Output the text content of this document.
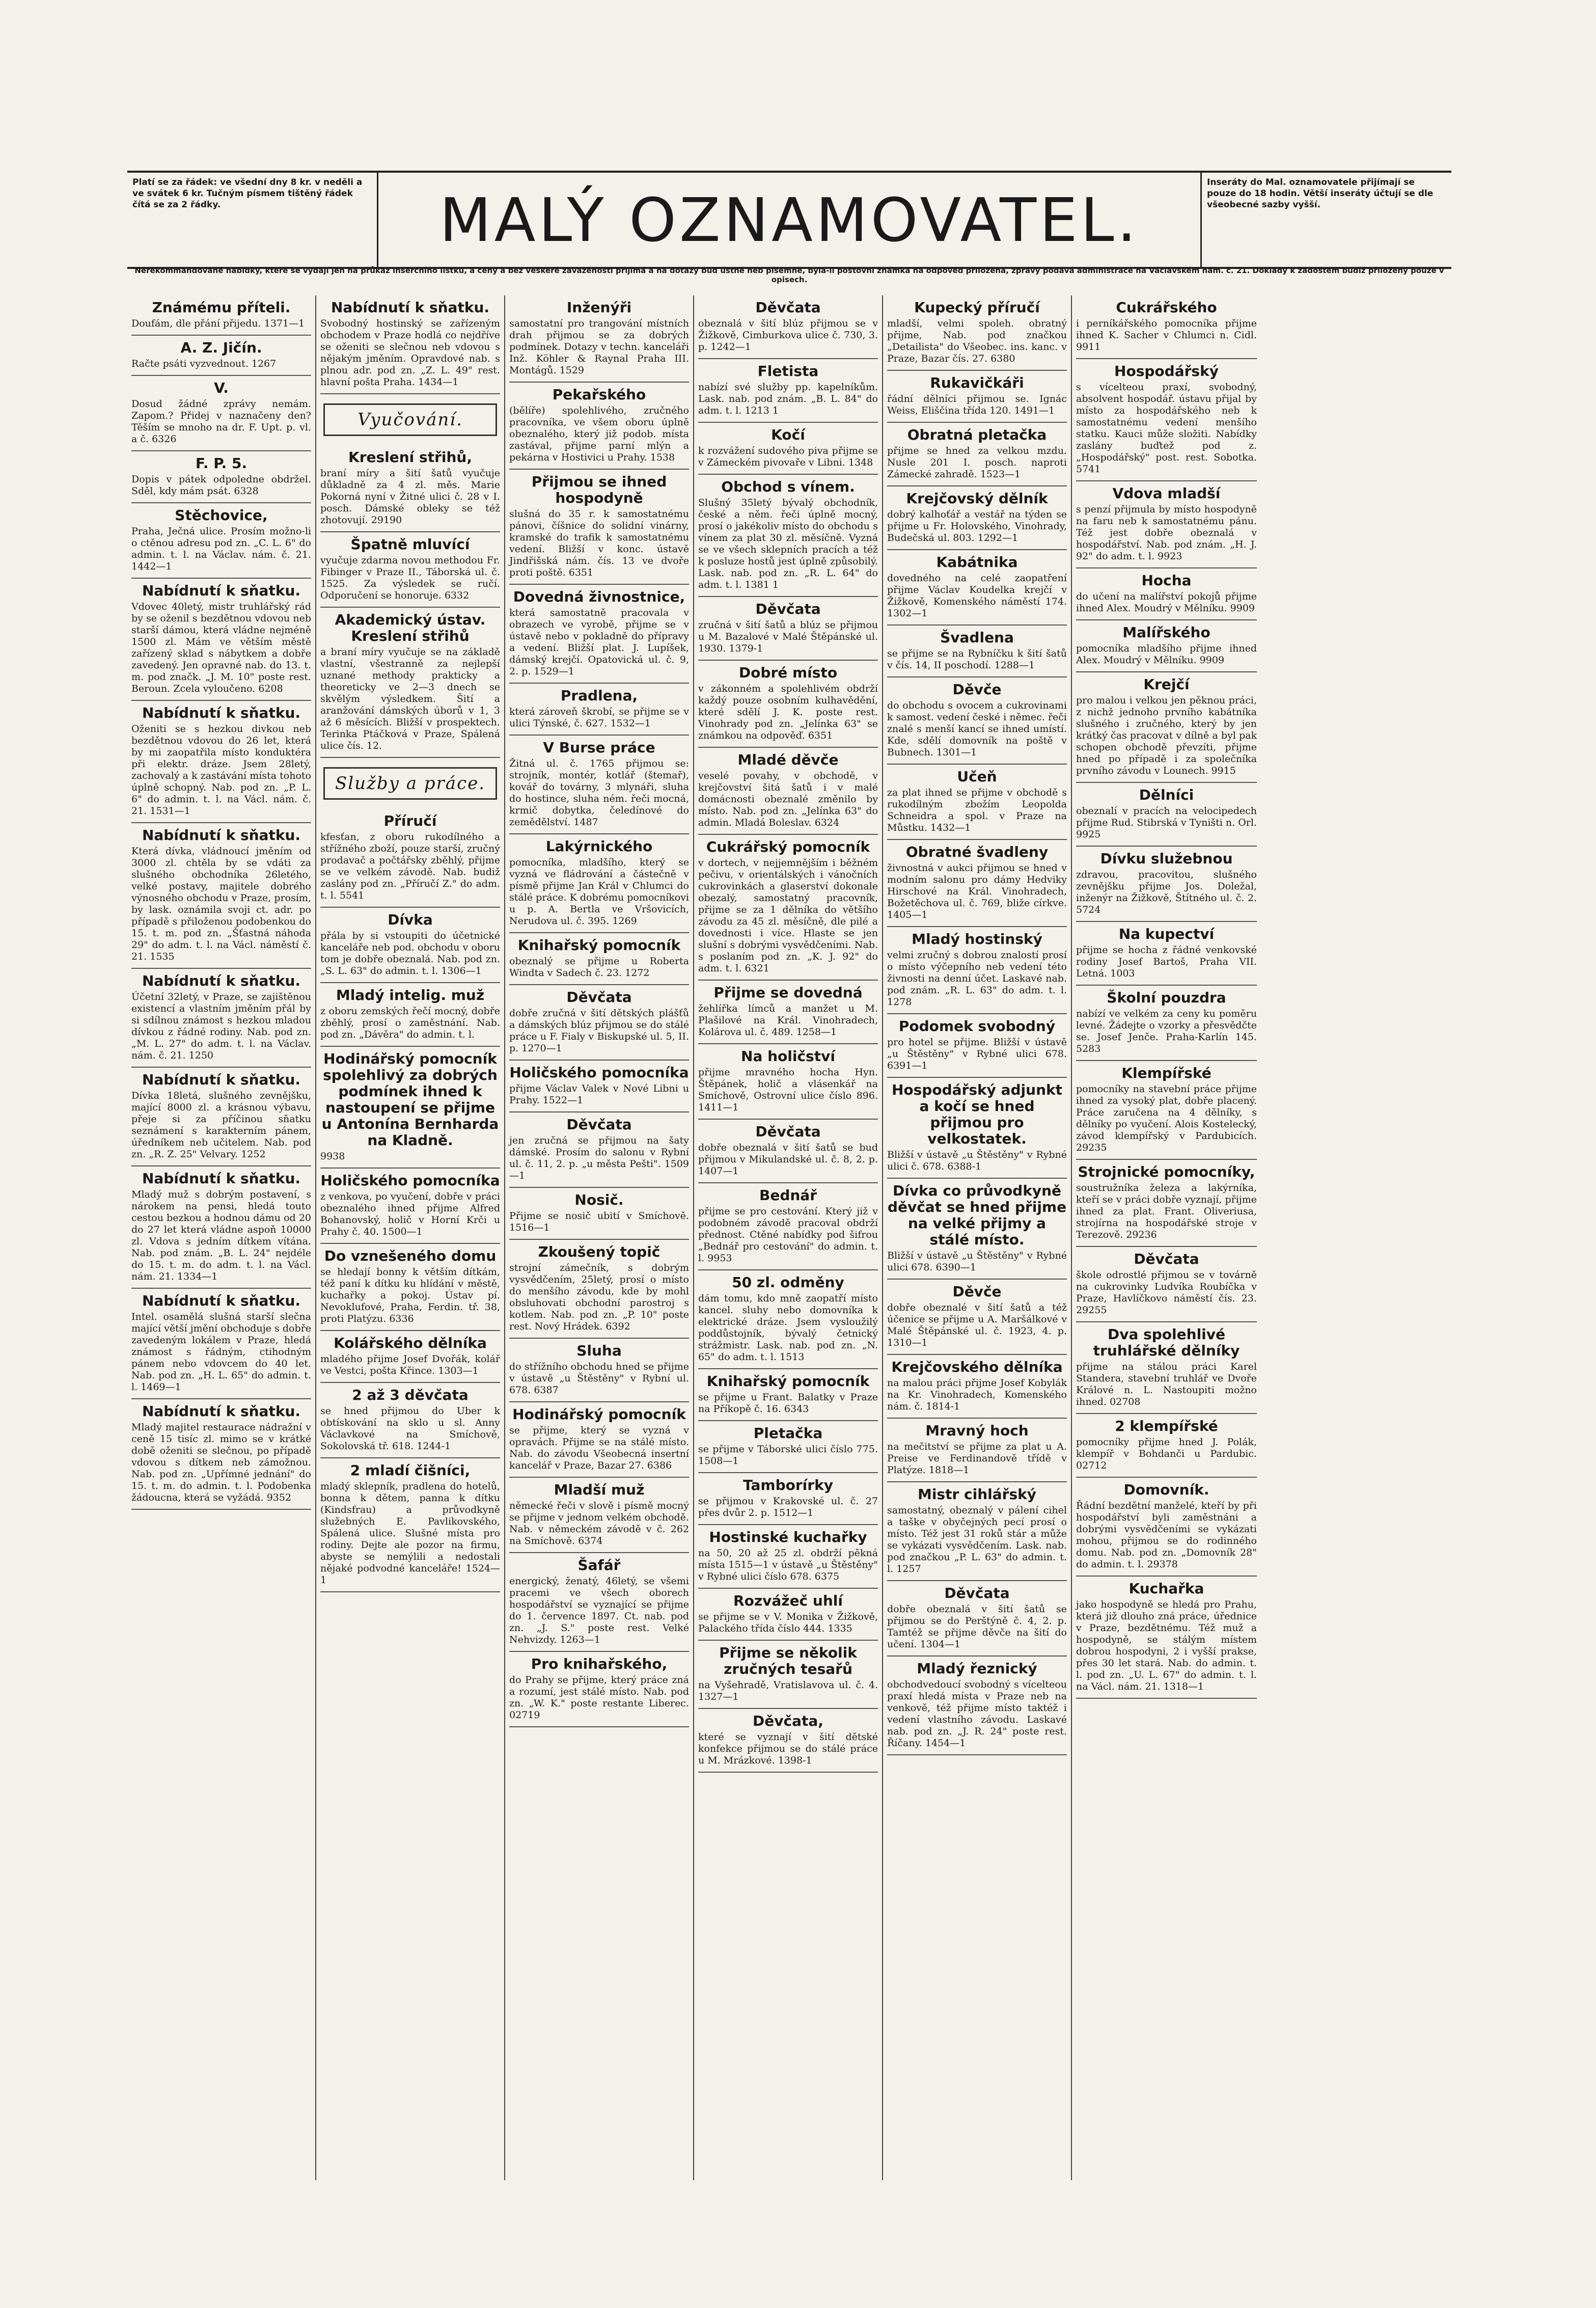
Platí se za řádek: ve všední dny 8 kr. v neděli a ve svátek 6 kr. Tučným písmem tištěný řádek čítá se za 2 řádky.	MALÝ OZNAMOVATEL.
Inseráty do Mal. oznamovatele přijímají se pouze do 18 hodin. Větší inseráty účtují se dle všeobecné sazby vyšší.
Nerekommandované nabídky, které se vydají jen na průkaz inserčního lístku, a ceny a bez veškeré zavazenosti přijímá a na dotazy buď ústně neb písemně, byla-li poštovní známka na odpověď přiložena, zprávy podává administrace na Václavském nám. č. 21. Doklady k žádostem budiž přiloženy pouze v opisech.
Známému příteli.

Doufám, dle přání přijedu. 1371—1

A. Z. Jičín.

Račte psáti vyzvednout. 1267

V.

Dosud žádné zprávy nemám. Zapom.? Přidej v naznačeny den? Těším se mnoho na dr. F. Upt. p. vl. a č. 6326

F. P. 5.

Dopis v pátek odpoledne obdržel. Sděl, kdy mám psát. 6328

Stěchovice,

Praha, Ječná ulice. Prosím možno-li o ctěnou adresu pod zn. „C. L. 6" do admin. t. l. na Václav. nám. č. 21. 1442—1

Nabídnutí k sňatku.

Vdovec 40letý, mistr truhlářský rád by se oženil s bezdětnou vdovou neb starší dámou, která vládne nejméně 1500 zl. Mám ve větším městě zařízený sklad s nábytkem a dobře zavedený. Jen opravné nab. do 13. t. m. pod značk. „J. M. 10" poste rest. Beroun. Zcela vyloučeno. 6208

Nabídnutí k sňatku.

Oženiti se s hezkou divkou neb bezdětnou vdovou do 26 let, která by mi zaopatřila místo konduktéra při elektr. dráze. Jsem 28letý, zachovalý a k zastávání místa tohoto úplně schopný. Nab. pod zn. „P. L. 6" do admin. t. l. na Václ. nám. č. 21. 1531—1

Nabídnutí k sňatku.

Která dívka, vládnoucí jměním od 3000 zl. chtěla by se vdáti za slušného obchodníka 26letého, velké postavy, majitele dobrého výnosného obchodu v Praze, prosím, by lask. oznámila svoji ct. adr. po případě s přiloženou podobenkou do 15. t. m. pod zn. „Šťastná náhoda 29" do adm. t. l. na Václ. náměstí č. 21. 1535

Nabídnutí k sňatku.

Účetní 32letý, v Praze, se zajištěnou existencí a vlastním jměním přál by si sdílnou známost s hezkou mladou dívkou z řádné rodiny. Nab. pod zn. „M. L. 27" do adm. t. l. na Václav. nám. č. 21. 1250

Nabídnutí k sňatku.

Dívka 18letá, slušného zevnějšku, mající 8000 zl. a krásnou výbavu, přeje si za příčinou sňatku seznámení s karakterním pánem, úředníkem neb učitelem. Nab. pod zn. „R. Z. 25" Velvary. 1252

Nabídnutí k sňatku.

Mladý muž s dobrým postavení, s nárokem na pensi, hledá touto cestou bezkou a hodnou dámu od 20 do 27 let která vládne aspoň 10000 zl. Vdova s jedním dítkem vítána. Nab. pod znám. „B. L. 24" nejdéle do 15. t. m. do adm. t. l. na Václ. nám. 21. 1334—1

Nabídnutí k sňatku.

Intel. osamělá slušná starší slečna mající větší jmění obchoduje s dobře zavedeným lokálem v Praze, hledá známost s řádným, ctihodným pánem nebo vdovcem do 40 let. Nab. pod zn. „H. L. 65" do admin. t. l. 1469—1

Nabídnutí k sňatku.

Mladý majitel restaurace nádražní v ceně 15 tisíc zl. mimo se v krátké době oženiti se slečnou, po případě vdovou s dítkem neb zámožnou. Nab. pod zn. „Upřímné jednání" do 15. t. m. do admin. t. l. Podobenka žádoucna, která se vyžádá. 9352

Nabídnutí k sňatku.

Svobodný hostinský se zařízeným obchodem v Praze hodlá co nejdříve se oženiti se slečnou neb vdovou s nějakým jměním. Opravdové nab. s plnou adr. pod zn. „Z. L. 49" rest. hlavní pošta Praha. 1434—1

Vyučování.
Kreslení střihů,

braní míry a šití šatů vyučuje důkladně za 4 zl. měs. Marie Pokorná nyní v Žitné ulici č. 28 v I. posch. Dámské obleky se též zhotovují. 29190

Špatně mluvící

vyučuje zdarma novou methodou Fr. Fibinger v Praze II., Táborská ul. č. 1525. Za výsledek se ručí. Odporučení se honoruje. 6332

Akademický ústav. Kreslení střihů

a braní míry vyučuje se na základě vlastní, všestranně za nejlepší uznané methody prakticky a theoreticky ve 2—3 dnech se skvělým výsledkem. Šití a aranžování dámských úborů v 1, 3 až 6 měsících. Bližší v prospektech. Terinka Ptáčková v Praze, Spálená ulice čís. 12.

Služby a práce.
Příručí

kfesťan, z oboru rukodílného a střížného zboží, pouze starší, zručný prodavač a počtářsky zběhlý, přijme se ve velkém závodě. Nab. budiž zaslány pod zn. „Příručí Z." do adm. t. l. 5541

Dívka

přála by si vstoupiti do účetnické kanceláře neb pod. obchodu v oboru tom je dobře obeznalá. Nab. pod zn. „S. L. 63" do admin. t. l. 1306—1

Mladý intelig. muž

z oboru zemských řečí mocný, dobře zběhlý, prosí o zaměstnání. Nab. pod zn. „Dávěra" do admin. t. l.

Hodinářský pomocník spolehlivý za dobrých podmínek ihned k nastoupení se přijme u Antonína Bernharda na Kladně.

9938

Holičského pomocníka

z venkova, po vyučení, dobře v práci obeznalého ihned přijme Alfred Bohanovský, holič v Horní Krči u Prahy č. 40. 1500—1

Do vznešeného domu

se hledají bonny k větším dítkám, též paní k dítku ku hlídání v městě, kuchařky a pokoj. Ústav pí. Nevoklufové, Praha, Ferdin. tř. 38, proti Platýzu. 6336

Kolářského dělníka

mladého přijme Josef Dvořák, kolář ve Vestci, pošta Křince. 1303—1

2 až 3 děvčata

se hned přijmou do Uber k obtískování na sklo u sl. Anny Václavkové na Smíchově, Sokolovská tř. 618. 1244-1

2 mladí čišníci,

mladý sklepník, pradlena do hotelů, bonna k dětem, panna k dítku (Kindsfrau) a průvodkyně služebných E. Pavlikovského, Spálená ulice. Slušné místa pro rodiny. Dejte ale pozor na firmu, abyste se nemýlili a nedostali nějaké podvodné kanceláře! 1524—1

Inženýři

samostatní pro trangování místních drah přijmou se za dobrých podmínek. Dotazy v techn. kanceláři Inž. Köhler & Raynal Praha III. Montágů. 1529

Pekařského

(bělíře) spolehlivého, zručného pracovníka, ve všem oboru úplně obeznalého, který již podob. místa zastával, přijme parní mlýn a pekárna v Hostivici u Prahy. 1538

Přijmou se ihned hospodyně

slušná do 35 r. k samostatnému pánovi, číšnice do solidní vinárny, kramské do trafik k samostatnému vedení. Bližší v konc. ústavě Jindřišská nám. čís. 13 ve dvoře proti poště. 6351

Dovedná živnostnice,

která samostatně pracovala v obrazech ve vyrobě, přijme se v ústavě nebo v pokladně do přípravy a vedení. Bližší plat. J. Lupíšek, dámský krejčí. Opatovická ul. č. 9, 2. p. 1529—1

Pradlena,

která zároveň škrobí, se přijme se v ulici Týnské, č. 627. 1532—1

V Burse práce

Žitná ul. č. 1765 přijmou se: strojník, montér, kotlář (štemař), kovář do továrny, 3 mlynáři, sluha do hostince, sluha ném. řeči mocná, krmič dobytka, čeledínové do zemědělství. 1487

Lakýrnického

pomocníka, mladšího, který se vyzná ve fládrování a částečně v písmě přijme Jan Král v Chlumci do stálé práce. K dobrému pomocníkovi u p. A. Bertla ve Vršovicích, Nerudova ul. č. 395. 1269

Knihařský pomocník

obeznalý se přijme u Roberta Windta v Sadech č. 23. 1272

Děvčata

dobře zručná v šití dětských plášťů a dámských blúz přijmou se do stálé práce u F. Fialy v Biskupské ul. 5, II. p. 1270—1

Holičského pomocníka

přijme Václav Valek v Nové Libni u Prahy. 1522—1

Děvčata

jen zručná se přijmou na šaty dámské. Prosím do salonu v Rybní ul. č. 11, 2. p. „u města Pešti". 1509—1

Nosič.

Přijme se nosič ubití v Smíchově. 1516—1

Zkoušený topič

strojní zámečník, s dobrým vysvědčením, 25letý, prosí o místo do menšího závodu, kde by mohl obsluhovati obchodní parostroj s kotlem. Nab. pod zn. „P. 10" poste rest. Nový Hrádek. 6392

Sluha

do střížního obchodu hned se přijme v ústavě „u Štěstěny" v Rybní ul. 678. 6387

Hodinářský pomocník

se přijme, který se vyzná v opravách. Přijme se na stálé místo. Nab. do závodu Všeobecná insertní kancelář v Praze, Bazar 27. 6386

Mladší muž

německé řeči v slově i písmě mocný se přijme v jednom velkém obchodě. Nab. v německém závodě v č. 262 na Smíchově. 6374

Šafář

energický, ženatý, 46letý, se všemi pracemi ve všech oborech hospodářství se vyznající se přijme do 1. července 1897. Ct. nab. pod zn. „J. S." poste rest. Velké Nehvizdy. 1263—1

Pro knihařského,

do Prahy se přijme, který práce zná a rozumí, jest stálé místo. Nab. pod zn. „W. K." poste restante Liberec. 02719

Děvčata

obeznalá v šití blúz přijmou se v Žižkově, Cimburkova ulice č. 730, 3. p. 1242—1

Fletista

nabízí své služby pp. kapelníkům. Lask. nab. pod znám. „B. L. 84" do adm. t. l. 1213 1

Kočí

k rozvážení sudového piva přijme se v Zámeckém pivovaře v Libni. 1348

Obchod s vínem.

Slušný 35letý bývalý obchodník, české a něm. řeči úplně mocný, prosí o jakékoliv místo do obchodu s vínem za plat 30 zl. měsíčně. Vyzná se ve všech sklepních pracích a též k posluze hostů jest úplně způsobilý. Lask. nab. pod zn. „R. L. 64" do adm. t. l. 1381 1

Děvčata

zručná v šití šatů a blúz se přijmou u M. Bazalové v Malé Štěpánské ul. 1930. 1379-1

Dobré místo

v zákonném a spolehlivém obdrží každý pouze osobním kulhavědění, které sdělí J. K. poste rest. Vinohrady pod zn. „Jelínka 63" se známkou na odpověď. 6351

Mladé děvče

veselé povahy, v obchodě, v krejčovství šitá šatů i v malé domácnosti obeznalé změnilo by místo. Nab. pod zn. „Jelínka 63" do admin. Mladá Boleslav. 6324

Cukrářský pomocník

v dortech, v nejjemnějším i běžném pečivu, v orientálských i vánočních cukrovinkách a glaserství dokonale obezalý, samostatný pracovník, přijme se za 1 dělníka do většího závodu za 45 zl. měsíčně, dle pilé a dovednosti i více. Hlaste se jen slušní s dobrými vysvědčeními. Nab. s poslaním pod zn. „K. J. 92" do adm. t. l. 6321

Přijme se dovedná

žehlířka límců a manžet u M. Plašilové na Král. Vinohradech, Kolárova ul. č. 489. 1258—1

Na holičství

přijme mravného hocha Hyn. Štěpánek, holič a vlásenkář na Smíchově, Ostrovní ulice číslo 896. 1411—1

Děvčata

dobře obeznalá v šití šatů se bud přijmou v Mikulandské ul. č. 8, 2. p. 1407—1

Bednář

přijme se pro cestování. Který již v podobném závodě pracoval obdrží přednost. Ctěné nabídky pod šifrou „Bednář pro cestování" do admin. t. l. 9953

50 zl. odměny

dám tomu, kdo mně zaopatří místo kancel. sluhy nebo domovníka k elektrické dráze. Jsem vysloužilý poddůstojník, bývalý četnický strážmistr. Lask. nab. pod zn. „N. 65" do adm. t. l. 1513

Knihařský pomocník

se přijme u Frant. Balatky v Praze na Příkopě č. 16. 6343

Pletačka

se přijme v Táborské ulici číslo 775. 1508—1

Tamborírky

se přijmou v Krakovské ul. č. 27 přes dvůr 2. p. 1512—1

Hostinské kuchařky

na 50, 20 až 25 zl. obdrží pěkná místa 1515—1 v ústavě „u Štěstěny" v Rybné ulici číslo 678. 6375

Rozvážeč uhlí

se přijme se v V. Monika v Žižkově, Palackého třída číslo 444. 1335

Přijme se několik zručných tesařů

na Vyšehradě, Vratislavova ul. č. 4. 1327—1

Děvčata,

které se vyznají v šití dětské konfekce přijmou se do stálé práce u M. Mrázkové. 1398-1

Kupecký příručí

mladší, velmi spoleh. obratný přijme, Nab. pod značkou „Detailista" do Všeobec. ins. kanc. v Praze, Bazar čís. 27. 6380

Rukavičkáři

řádní dělníci přijmou se. Ignác Weiss, Eliščina třída 120. 1491—1

Obratná pletačka

přijme se hned za velkou mzdu. Nusle 201 I. posch. naproti Zámecké zahradě. 1523—1

Krejčovský dělník

dobrý kalhoťář a vestář na týden se přijme u Fr. Holovského, Vinohrady, Budečská ul. 803. 1292—1

Kabátnika

dovedného na celé zaopatření přijme Václav Koudelka krejčí v Žižkově, Komenského náměstí 174. 1302—1

Švadlena

se přijme se na Rybníčku k šití šatů v čís. 14, II poschodí. 1288—1

Děvče

do obchodu s ovocem a cukrovinami k samost. vedení české i němec. řeči znalé s menší kancí se ihned umístí. Kde, sdělí domovník na poště v Bubnech. 1301—1

Učeň

za plat ihned se přijme v obchodě s rukodílným zbožím Leopolda Schneidra a spol. v Praze na Můstku. 1432—1

Obratné švadleny

živnostná v aukci přijmou se hned v modním salonu pro dámy Hedviky Hirschové na Král. Vinohradech, Božetěchova ul. č. 769, bliže církve. 1405—1

Mladý hostinský

velmi zručný s dobrou znalostí prosí o místo výčepního neb vedení této živnosti na denní účet. Laskavé nab. pod znám. „R. L. 63" do adm. t. l. 1278

Podomek svobodný

pro hotel se přijme. Bližší v ústavě „u Štěstěny" v Rybné ulici 678. 6391—1

Hospodářský adjunkt a kočí se hned přijmou pro velkostatek.

Bližší v ústavě „u Štěstěny" v Rybné ulici č. 678. 6388-1

Dívka co průvodkyně děvčat se hned přijme na velké přijmy a stálé místo.

Bližší v ústavě „u Štěstěny" v Rybné ulici 678. 6390—1

Děvče

dobře obeznalé v šití šatů a též účenice se přijme u A. Maršálkové v Malé Štěpánské ul. č. 1923, 4. p. 1310—1

Krejčovského dělníka

na malou práci přijme Josef Kobylák na Kr. Vinohradech, Komenského nám. č. 1814-1

Mravný hoch

na mečitství se přijme za plat u A. Preise ve Ferdinandově třídě v Platýze. 1818—1

Mistr cihlářský

samostatný, obeznalý v pálení cihel a taške v obyčejných pecí prosí o místo. Též jest 31 roků stár a může se vykázati vysvědčením. Lask. nab. pod značkou „P. L. 63" do admin. t. l. 1257

Děvčata

dobře obeznalá v šití šatů se přijmou se do Perštýně č. 4, 2. p. Tamtéž se přijme děvče na šití do učení. 1304—1

Mladý řeznický

obchodvedoucí svobodný s vícelteou praxí hledá místa v Praze neb na venkově, též přijme místo taktéž i vedení vlastního závodu. Laskavé nab. pod zn. „J. R. 24" poste rest. Říčany. 1454—1

Cukrářského

i perníkářského pomocníka přijme ihned K. Sacher v Chlumci n. Cidl. 9911

Hospodářský

s vícelteou praxí, svobodný, absolvent hospodář. ústavu přijal by místo za hospodářského neb k samostatnému vedení menšího statku. Kauci může složiti. Nabídky zaslány buďtež pod z. „Hospodářský" post. rest. Sobotka. 5741

Vdova mladší

s penzí přijmula by místo hospodyně na faru neb k samostatnému pánu. Též jest dobře obeznalá v hospodářství. Nab. pod znám. „H. J. 92" do adm. t. l. 9923

Hocha

do učení na malířství pokojů přijme ihned Alex. Moudrý v Mělníku. 9909

Malířského

pomocníka mladšího přijme ihned Alex. Moudrý v Mělníku. 9909

Krejčí

pro malou i velkou jen pěknou práci, z nichž jednoho prvního kabátníka slušného i zručného, který by jen krátký čas pracovat v dílně a byl pak schopen obchodě převzíti, přijme hned po případě i za společníka prvního závodu v Lounech. 9915

Dělníci

obeznalí v pracích na velocipedech přijme Rud. Stibrská v Tyništi n. Orl. 9925

Dívku služebnou

zdravou, pracovitou, slušného zevnějšku přijme Jos. Doležal, inženýr na Žižkově, Štítného ul. č. 2. 5724

Na kupectví

přijme se hocha z řádné venkovské rodiny Josef Bartoš, Praha VII. Letná. 1003

Školní pouzdra

nabízí ve velkém za ceny ku poměru levné. Žádejte o vzorky a přesvědčte se. Josef Jenče. Praha-Karlín 145. 5283

Klempířské

pomocníky na stavební práce přijme ihned za vysoký plat, dobře placený. Práce zaručena na 4 dělníky, s dělníky po vyučení. Alois Kostelecký, závod klempířský v Pardubicích. 29235

Strojnické pomocníky,

soustružníka železa a lakýrníka, kteří se v práci dobře vyznají, přijme ihned za plat. Frant. Oliveriusa, strojírna na hospodářské stroje v Terezově. 29236

Děvčata

škole odrostlé přijmou se v továrně na cukrovinky Ludvíka Roubíčka v Praze, Havlíčkovo náměstí čís. 23. 29255

Dva spolehlivé truhlářské dělníky

přijme na stálou práci Karel Standera, stavební truhlář ve Dvoře Králové n. L. Nastoupiti možno ihned. 02708

2 klempířské

pomocníky přijme hned J. Polák, klempíř v Bohdanči u Pardubic. 02712

Domovník.

Řádní bezdětní manželé, kteří by při hospodářství byli zaměstnáni a dobrými vysvědčeními se vykázati mohou, přijmou se do rodinného domu. Nab. pod zn. „Domovník 28" do admin. t. l. 29378

Kuchařka

jako hospodyně se hledá pro Prahu, která již dlouho zná práce, úřednice v Praze, bezdětnému. Též muž a hospodyně, se stálým místem dobrou hospodyni, 2 i vyšší prakse, přes 30 let stará. Nab. do admin. t. l. pod zn. „U. L. 67" do admin. t. l. na Václ. nám. 21. 1318—1
